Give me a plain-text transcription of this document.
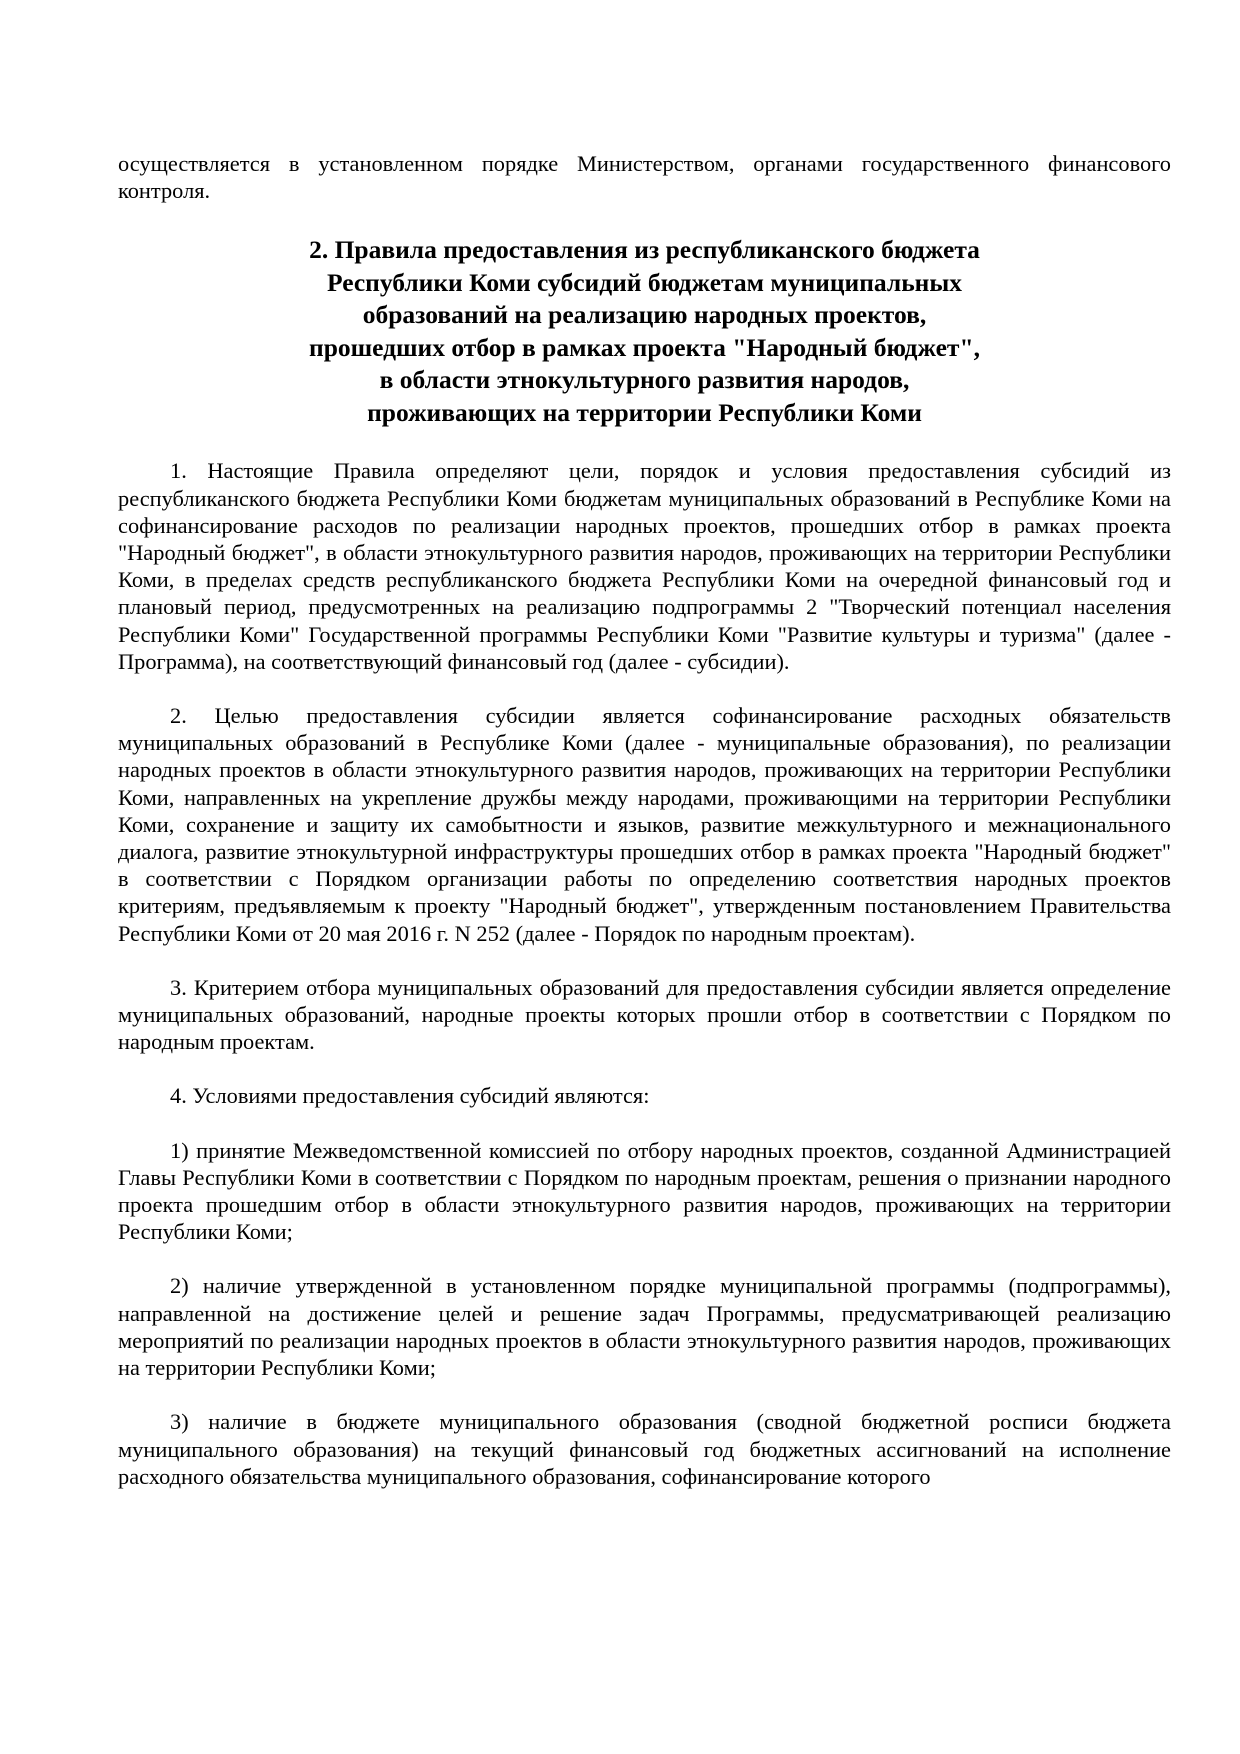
осуществляется в установленном порядке Министерством, органами государственного финансового контроля.

2. Правила предоставления из республиканского бюджета
Республики Коми субсидий бюджетам муниципальных
образований на реализацию народных проектов,
прошедших отбор в рамках проекта "Народный бюджет",
в области этнокультурного развития народов,
проживающих на территории Республики Коми

1. Настоящие Правила определяют цели, порядок и условия предоставления субсидий из республиканского бюджета Республики Коми бюджетам муниципальных образований в Республике Коми на софинансирование расходов по реализации народных проектов, прошедших отбор в рамках проекта "Народный бюджет", в области этнокультурного развития народов, проживающих на территории Республики Коми, в пределах средств республиканского бюджета Республики Коми на очередной финансовый год и плановый период, предусмотренных на реализацию подпрограммы 2 "Творческий потенциал населения Республики Коми" Государственной программы Республики Коми "Развитие культуры и туризма" (далее - Программа), на соответствующий финансовый год (далее - субсидии).

2. Целью предоставления субсидии является софинансирование расходных обязательств муниципальных образований в Республике Коми (далее - муниципальные образования), по реализации народных проектов в области этнокультурного развития народов, проживающих на территории Республики Коми, направленных на укрепление дружбы между народами, проживающими на территории Республики Коми, сохранение и защиту их самобытности и языков, развитие межкультурного и межнационального диалога, развитие этнокультурной инфраструктуры прошедших отбор в рамках проекта "Народный бюджет" в соответствии с Порядком организации работы по определению соответствия народных проектов критериям, предъявляемым к проекту "Народный бюджет", утвержденным постановлением Правительства Республики Коми от 20 мая 2016 г. N 252 (далее - Порядок по народным проектам).

3. Критерием отбора муниципальных образований для предоставления субсидии является определение муниципальных образований, народные проекты которых прошли отбор в соответствии с Порядком по народным проектам.

4. Условиями предоставления субсидий являются:

1) принятие Межведомственной комиссией по отбору народных проектов, созданной Администрацией Главы Республики Коми в соответствии с Порядком по народным проектам, решения о признании народного проекта прошедшим отбор в области этнокультурного развития народов, проживающих на территории Республики Коми;

2) наличие утвержденной в установленном порядке муниципальной программы (подпрограммы), направленной на достижение целей и решение задач Программы, предусматривающей реализацию мероприятий по реализации народных проектов в области этнокультурного развития народов, проживающих на территории Республики Коми;

3) наличие в бюджете муниципального образования (сводной бюджетной росписи бюджета муниципального образования) на текущий финансовый год бюджетных ассигнований на исполнение расходного обязательства муниципального образования, софинансирование которого
